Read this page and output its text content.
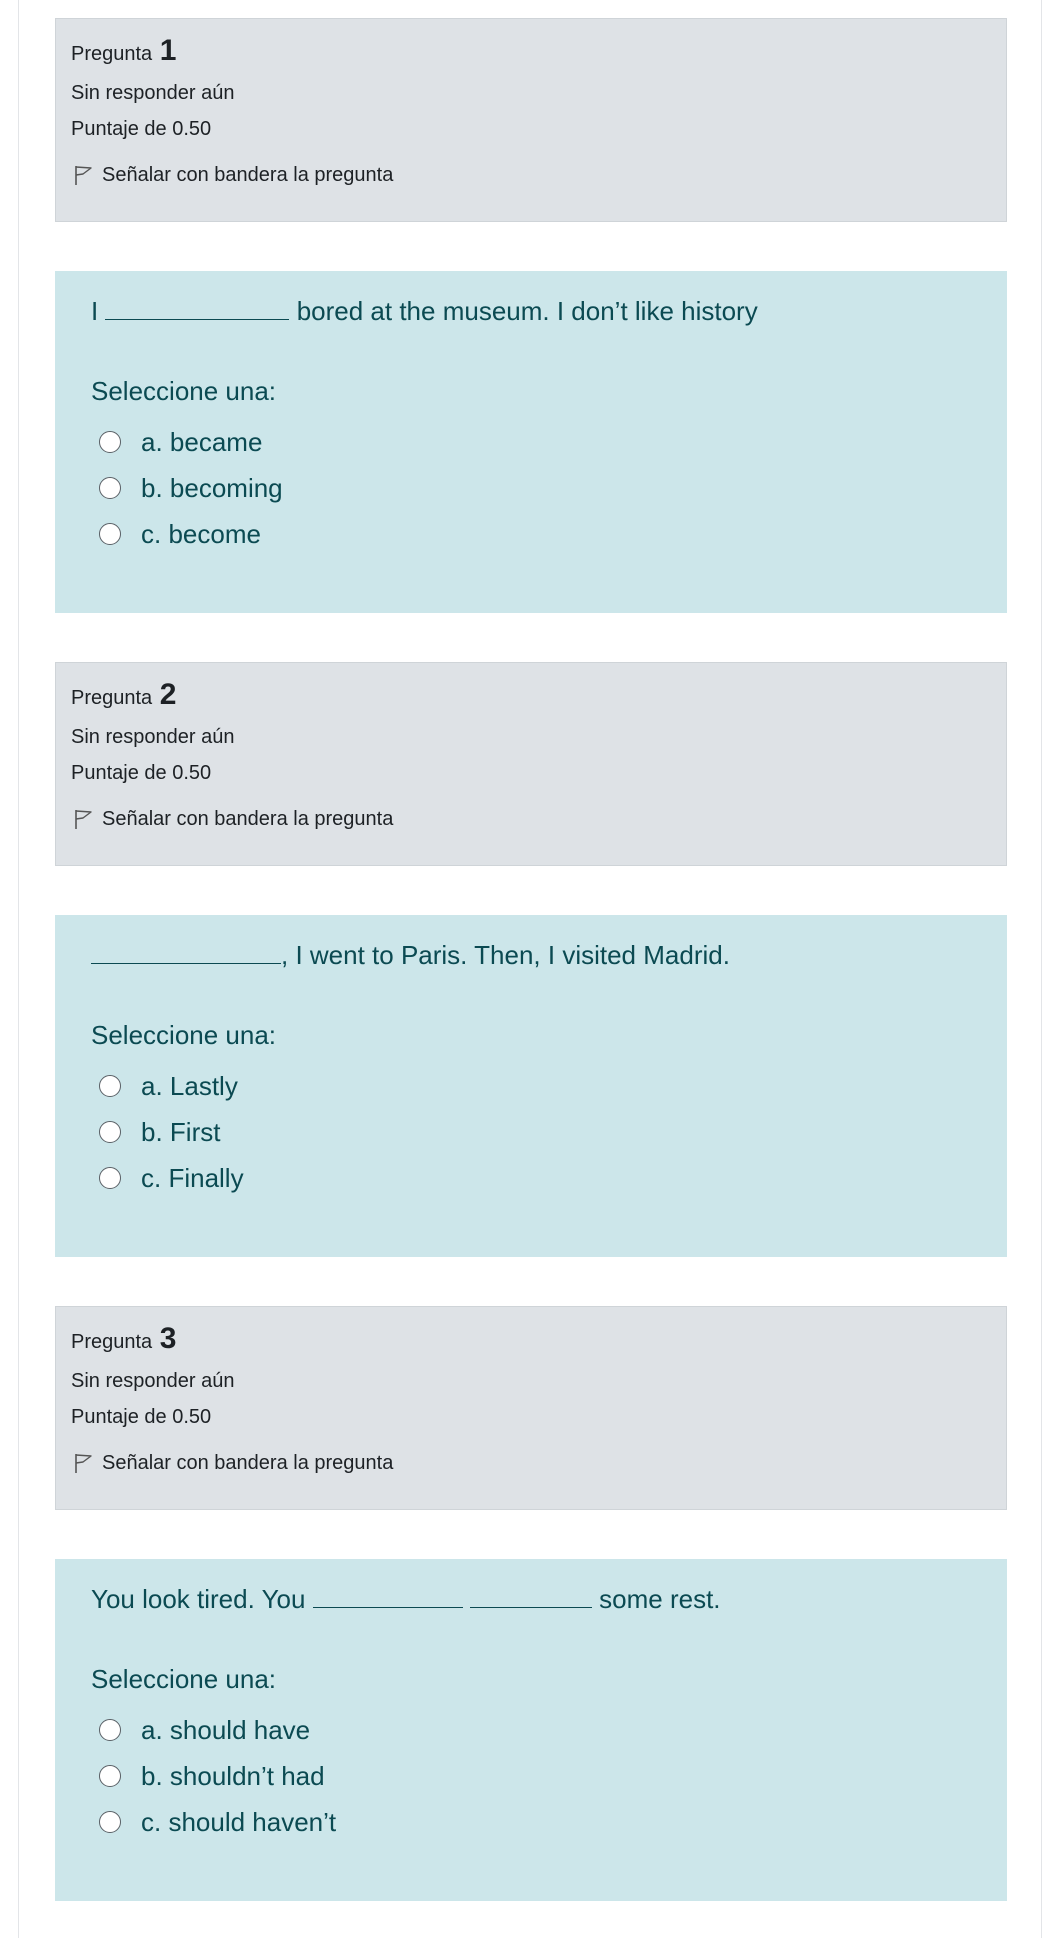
Pregunta 1
Sin responder aún
Puntaje de 0.50
Señalar con bandera la pregunta
I	bored at the museum. I don’t like history
Seleccione una:
a. became
b. becoming
c. become
Pregunta 2
Sin responder aún
Puntaje de 0.50
Señalar con bandera la pregunta
, I went to Paris. Then, I visited Madrid.
Seleccione una:
a. Lastly
b. First
c. Finally
Pregunta 3
Sin responder aún
Puntaje de 0.50
Señalar con bandera la pregunta
You look tired. You	some rest.
Seleccione una:
a. should have
b. shouldn’t had
c. should haven’t
